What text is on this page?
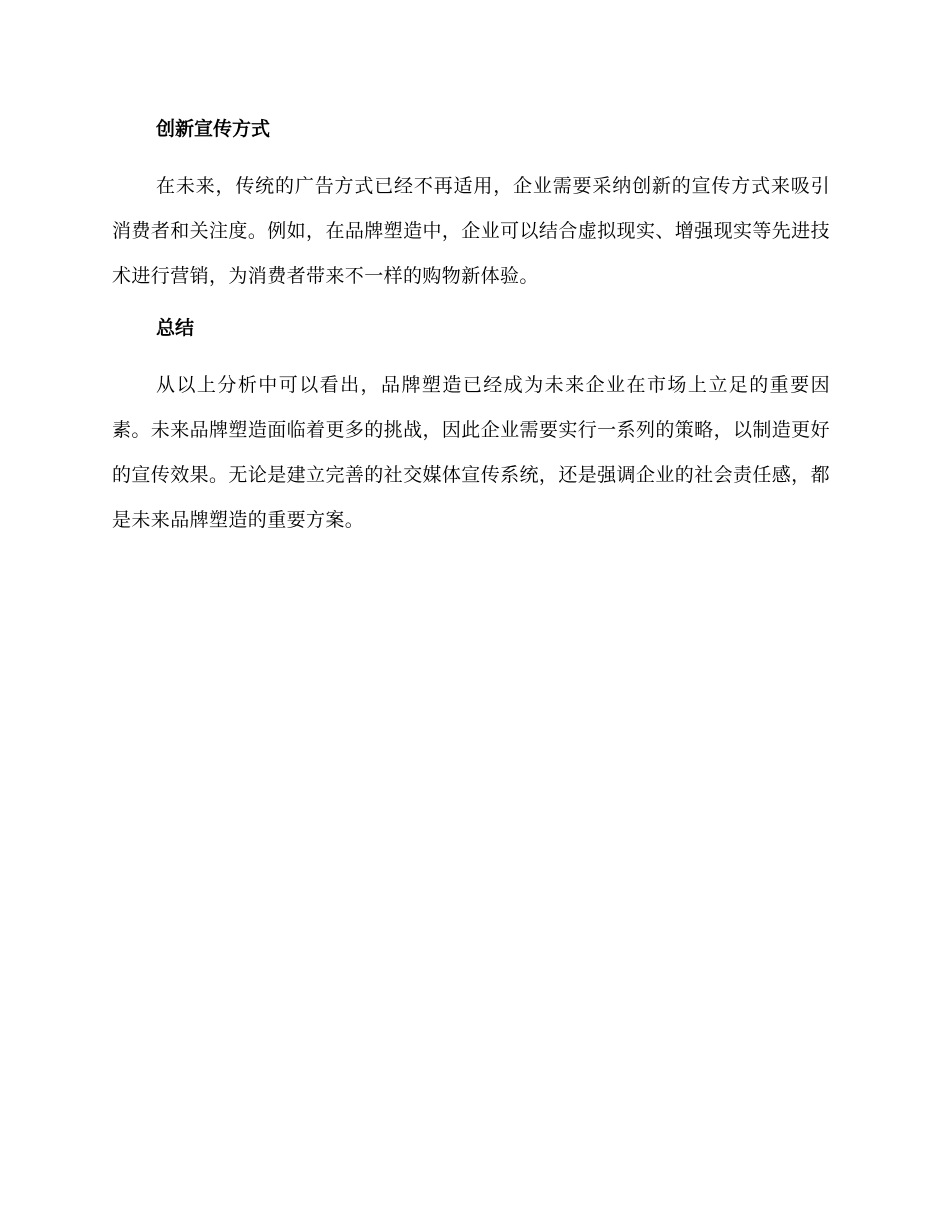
创新宣传方式

在未来，传统的广告方式已经不再适用，企业需要采纳创新的宣传方式来吸引消费者和关注度。例如，在品牌塑造中，企业可以结合虚拟现实、增强现实等先进技术进行营销，为消费者带来不一样的购物新体验。

总结

从以上分析中可以看出，品牌塑造已经成为未来企业在市场上立足的重要因素。未来品牌塑造面临着更多的挑战，因此企业需要实行一系列的策略，以制造更好的宣传效果。无论是建立完善的社交媒体宣传系统，还是强调企业的社会责任感，都是未来品牌塑造的重要方案。
